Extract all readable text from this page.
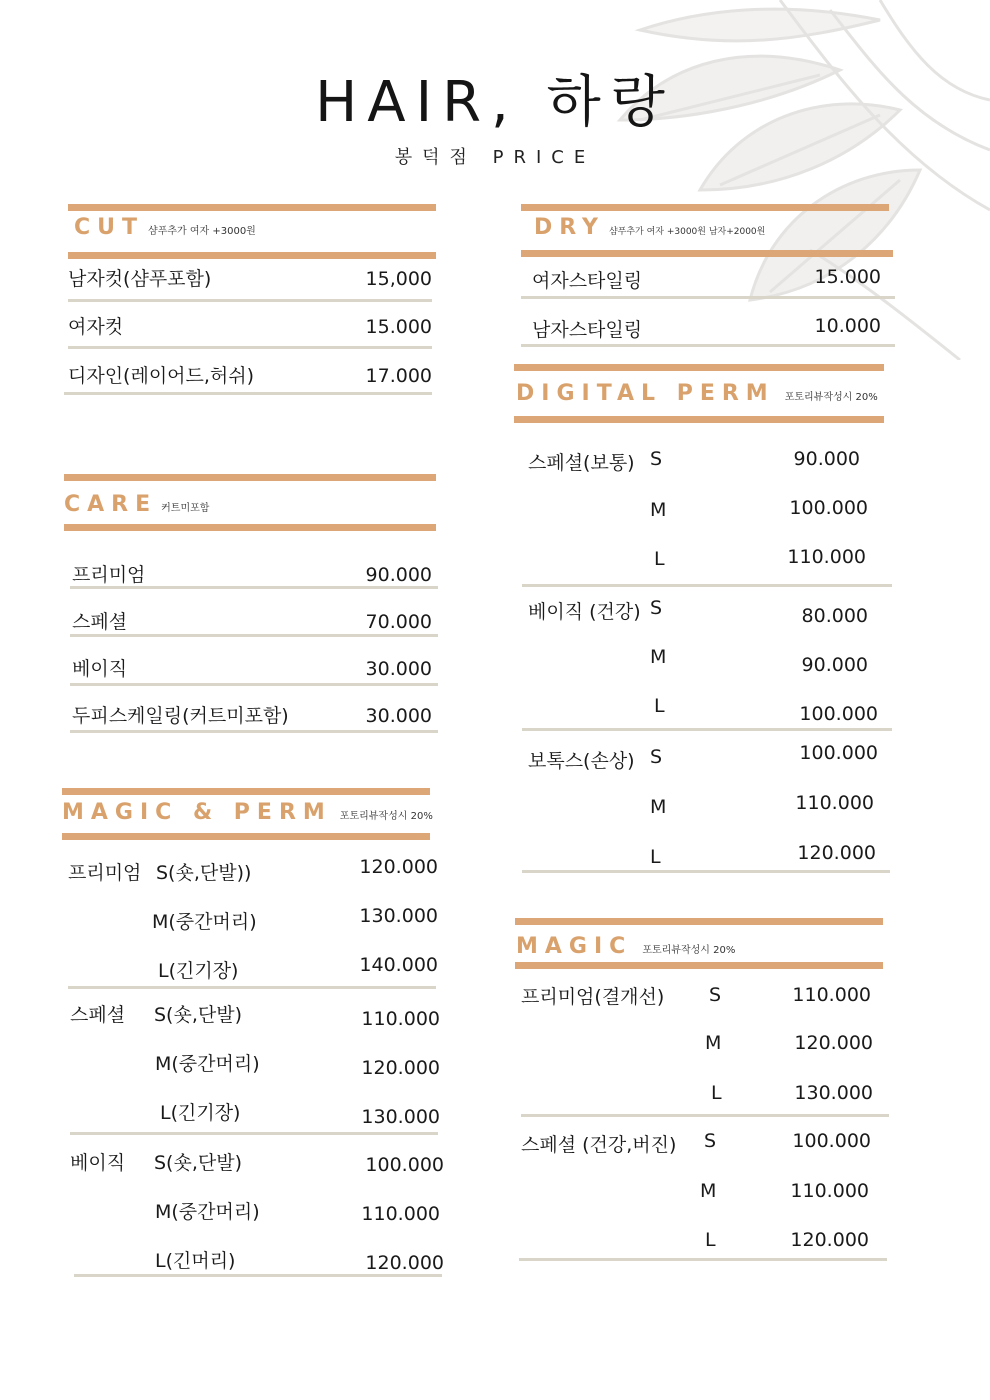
HAIR, 하랑
봉덕점 PRICE
CUT 샴푸추가 여자 +3000원
남자컷(샴푸포함)	15,000
여자컷	15.000
디자인(레이어드,허쉬)	17.000
CARE 커트미포함
프리미엄	90.000
스페셜	70.000
베이직	30.000
두피스케일링(커트미포함)	30.000
MAGIC & PERM 포토리뷰작성시 20%
프리미엄 S(숏,단발))	120.000
M(중간머리)	130.000
L(긴기장)	140.000
스페셜 S(숏,단발)	110.000
M(중간머리)	120.000
L(긴기장)	130.000
베이직 S(숏,단발)	100.000
M(중간머리)	110.000
L(긴머리)	120.000
DRY 샴푸추가 여자 +3000원 남자+2000원
여자스타일링	15.000
남자스타일링	10.000
DIGITAL PERM 포토리뷰작성시 20%
스페셜(보통) S	90.000
M	100.000
L	110.000
베이직 (건강) S	80.000
M	90.000
L	100.000
보톡스(손상) S	100.000
M	110.000
L	120.000
MAGIC 포토리뷰작성시 20%
프리미엄(결개선) S	110.000
M	120.000
L	130.000
스페셜 (건강,버진) S	100.000
M	110.000
L	120.000
